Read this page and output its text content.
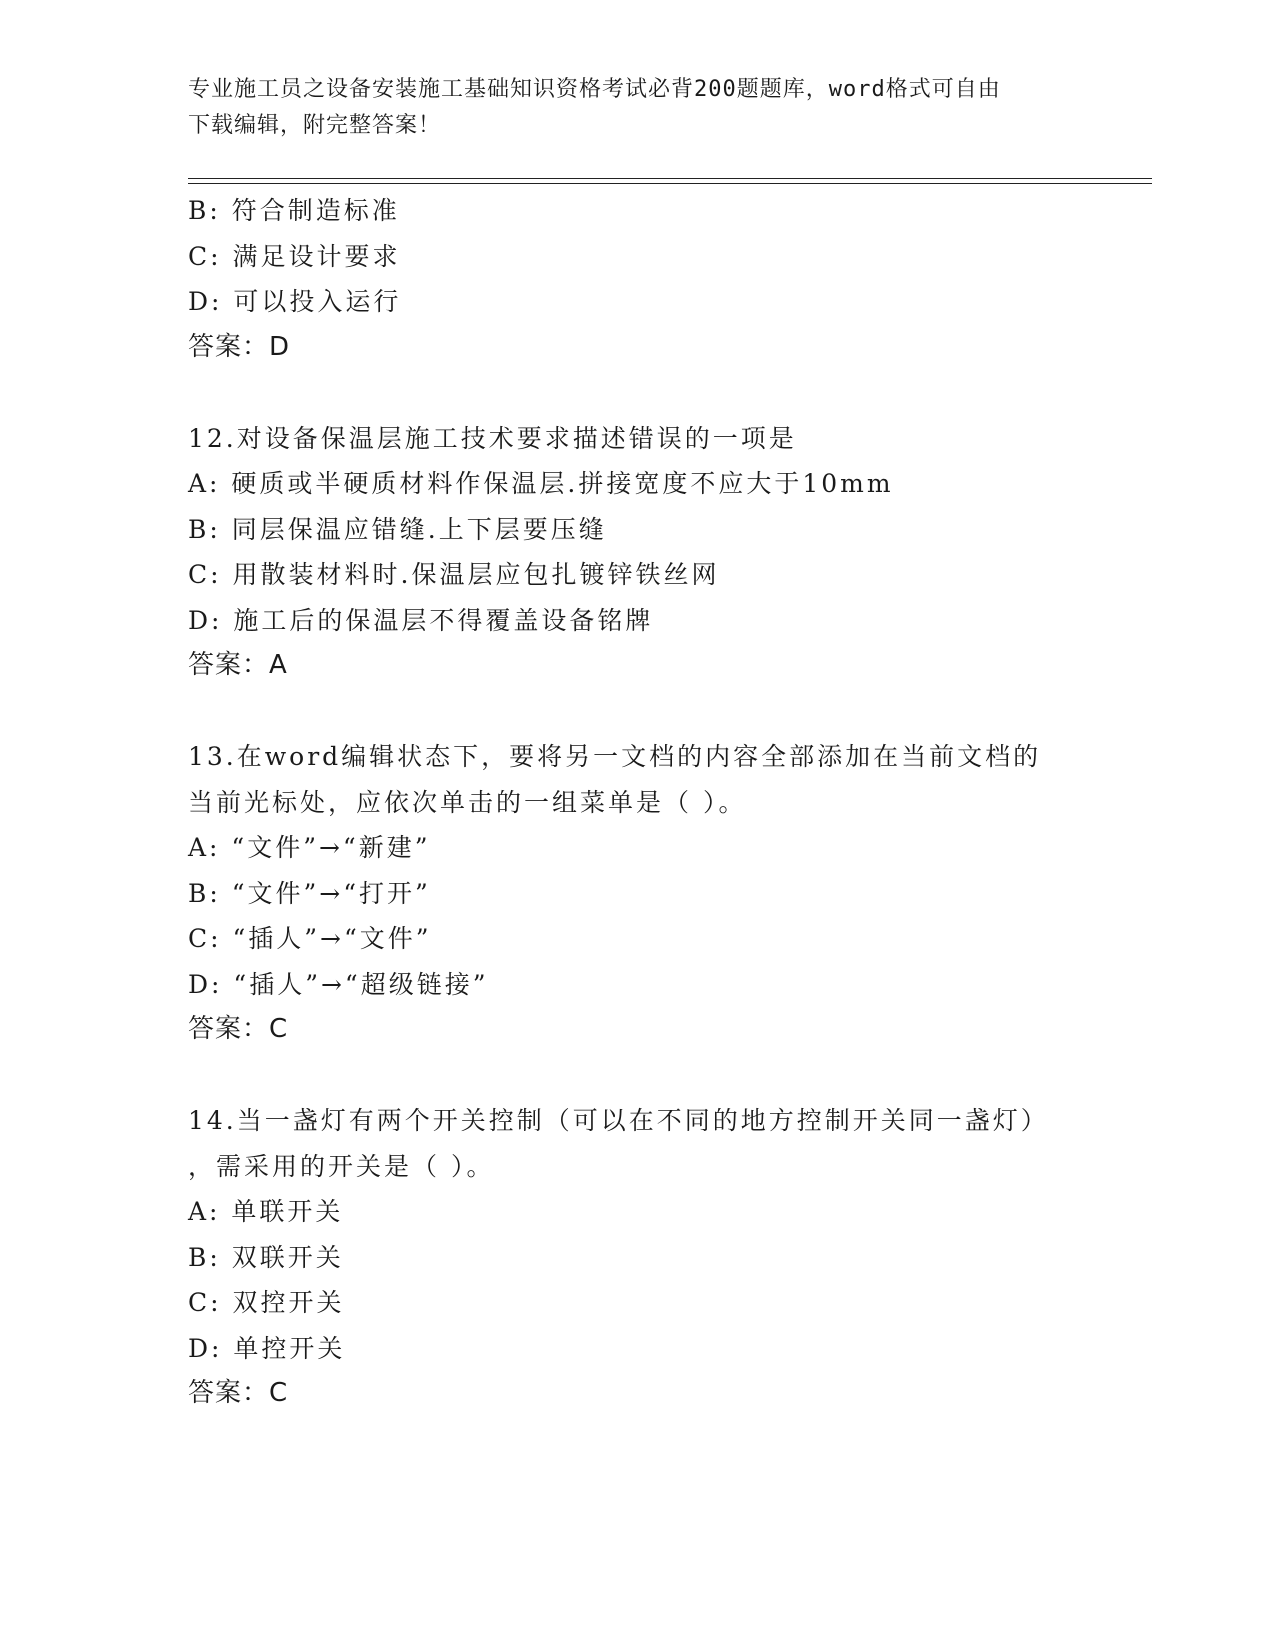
专业施工员之设备安装施工基础知识资格考试必背200题题库，word格式可自由
下载编辑，附完整答案！
B: 符合制造标准
C: 满足设计要求
D: 可以投入运行
答案：D
12.对设备保温层施工技术要求描述错误的一项是
A: 硬质或半硬质材料作保温层.拼接宽度不应大于10mm
B: 同层保温应错缝.上下层要压缝
C: 用散装材料时.保温层应包扎镀锌铁丝网
D: 施工后的保温层不得覆盖设备铭牌
答案：A
13.在word编辑状态下，要将另一文档的内容全部添加在当前文档的
当前光标处，应依次单击的一组菜单是（ ）。
A: “文件”→“新建”
B: “文件”→“打开”
C: “插人”→“文件”
D: “插人”→“超级链接”
答案：C
14.当一盏灯有两个开关控制（可以在不同的地方控制开关同一盏灯）
，需采用的开关是（ ）。
A: 单联开关
B: 双联开关
C: 双控开关
D: 单控开关
答案：C
